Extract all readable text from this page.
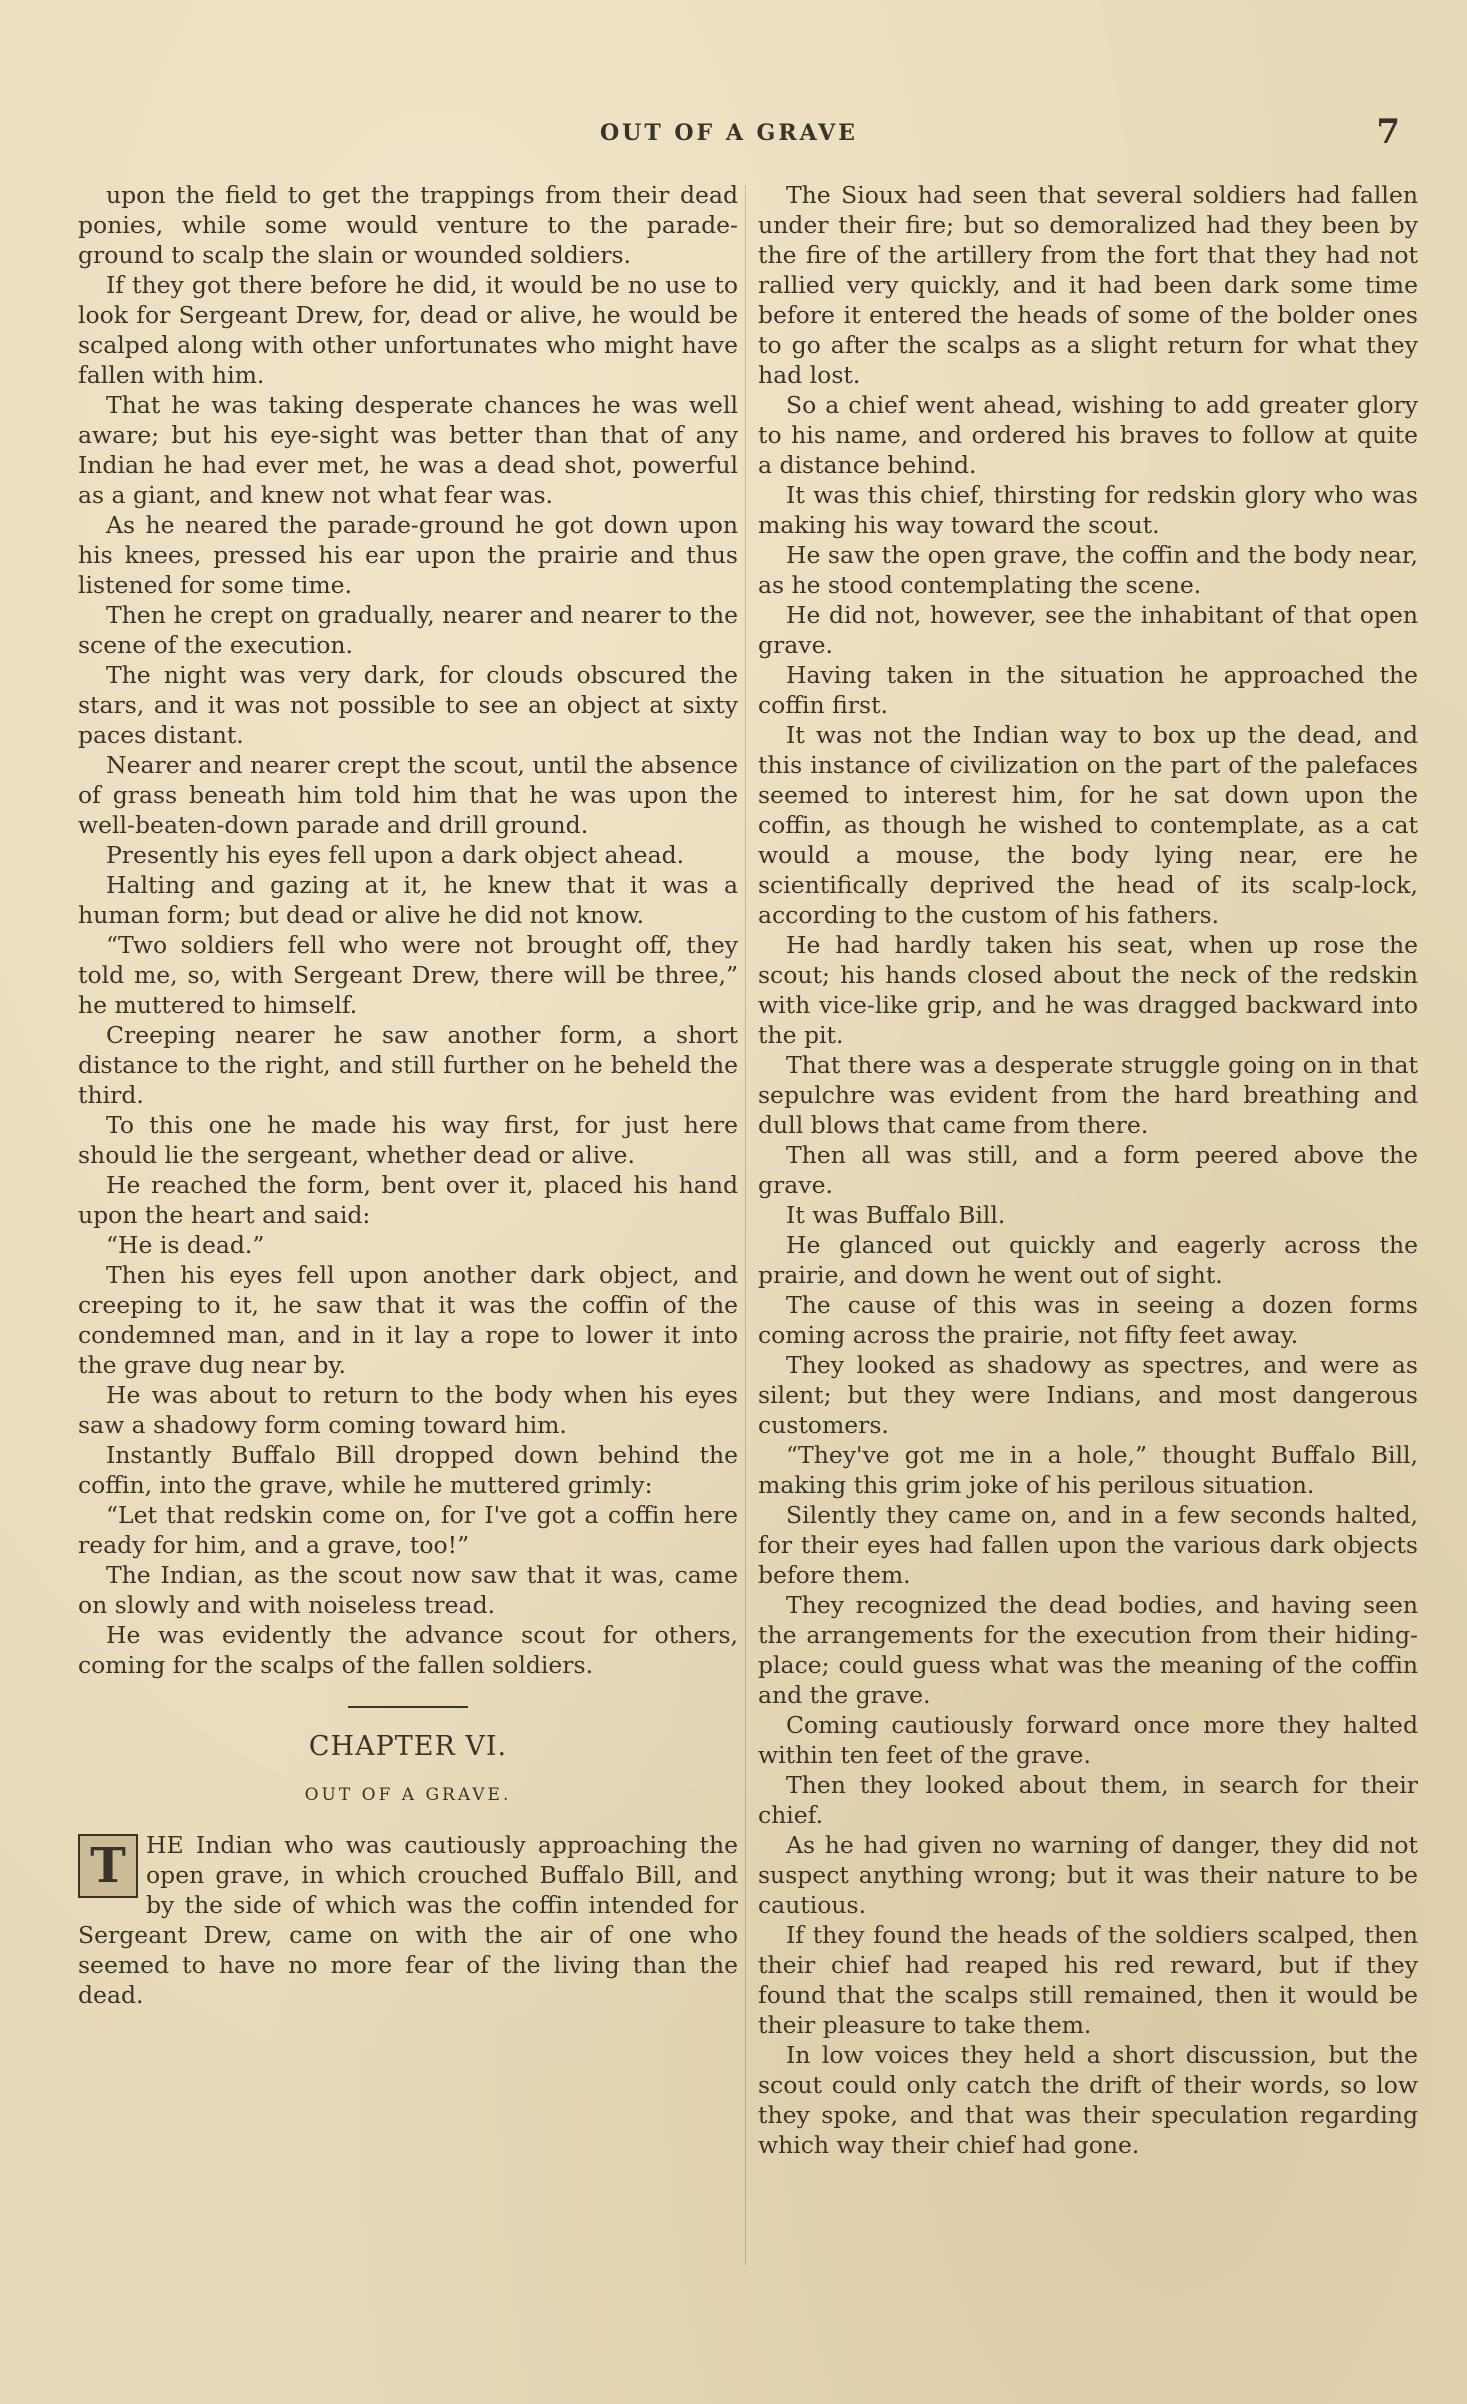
OUT OF A GRAVE	7

upon the field to get the trappings from their dead ponies, while some would venture to the parade-ground to scalp the slain or wounded soldiers.

If they got there before he did, it would be no use to look for Sergeant Drew, for, dead or alive, he would be scalped along with other unfortunates who might have fallen with him.

That he was taking desperate chances he was well aware; but his eye-sight was better than that of any Indian he had ever met, he was a dead shot, powerful as a giant, and knew not what fear was.

As he neared the parade-ground he got down upon his knees, pressed his ear upon the prairie and thus listened for some time.

Then he crept on gradually, nearer and nearer to the scene of the execution.

The night was very dark, for clouds obscured the stars, and it was not possible to see an object at sixty paces distant.

Nearer and nearer crept the scout, until the absence of grass beneath him told him that he was upon the well-beaten-down parade and drill ground.

Presently his eyes fell upon a dark object ahead.

Halting and gazing at it, he knew that it was a human form; but dead or alive he did not know.

“Two soldiers fell who were not brought off, they told me, so, with Sergeant Drew, there will be three,” he muttered to himself.

Creeping nearer he saw another form, a short distance to the right, and still further on he beheld the third.

To this one he made his way first, for just here should lie the sergeant, whether dead or alive.

He reached the form, bent over it, placed his hand upon the heart and said:

“He is dead.”

Then his eyes fell upon another dark object, and creeping to it, he saw that it was the coffin of the condemned man, and in it lay a rope to lower it into the grave dug near by.

He was about to return to the body when his eyes saw a shadowy form coming toward him.

Instantly Buffalo Bill dropped down behind the coffin, into the grave, while he muttered grimly:

“Let that redskin come on, for I've got a coffin here ready for him, and a grave, too!”

The Indian, as the scout now saw that it was, came on slowly and with noiseless tread.

He was evidently the advance scout for others, coming for the scalps of the fallen soldiers.

CHAPTER VI.
OUT OF A GRAVE.

T HE Indian who was cautiously approaching the open grave, in which crouched Buffalo Bill, and by the side of which was the coffin intended for Sergeant Drew, came on with the air of one who seemed to have no more fear of the living than the dead.

The Sioux had seen that several soldiers had fallen under their fire; but so demoralized had they been by the fire of the artillery from the fort that they had not rallied very quickly, and it had been dark some time before it entered the heads of some of the bolder ones to go after the scalps as a slight return for what they had lost.

So a chief went ahead, wishing to add greater glory to his name, and ordered his braves to follow at quite a distance behind.

It was this chief, thirsting for redskin glory who was making his way toward the scout.

He saw the open grave, the coffin and the body near, as he stood contemplating the scene.

He did not, however, see the inhabitant of that open grave.

Having taken in the situation he approached the coffin first.

It was not the Indian way to box up the dead, and this instance of civilization on the part of the palefaces seemed to interest him, for he sat down upon the coffin, as though he wished to contemplate, as a cat would a mouse, the body lying near, ere he scientifically deprived the head of its scalp-lock, according to the custom of his fathers.

He had hardly taken his seat, when up rose the scout; his hands closed about the neck of the redskin with vice-like grip, and he was dragged backward into the pit.

That there was a desperate struggle going on in that sepulchre was evident from the hard breathing and dull blows that came from there.

Then all was still, and a form peered above the grave.

It was Buffalo Bill.

He glanced out quickly and eagerly across the prairie, and down he went out of sight.

The cause of this was in seeing a dozen forms coming across the prairie, not fifty feet away.

They looked as shadowy as spectres, and were as silent; but they were Indians, and most dangerous customers.

“They've got me in a hole,” thought Buffalo Bill, making this grim joke of his perilous situation.

Silently they came on, and in a few seconds halted, for their eyes had fallen upon the various dark objects before them.

They recognized the dead bodies, and having seen the arrangements for the execution from their hiding-place; could guess what was the meaning of the coffin and the grave.

Coming cautiously forward once more they halted within ten feet of the grave.

Then they looked about them, in search for their chief.

As he had given no warning of danger, they did not suspect anything wrong; but it was their nature to be cautious.

If they found the heads of the soldiers scalped, then their chief had reaped his red reward, but if they found that the scalps still remained, then it would be their pleasure to take them.

In low voices they held a short discussion, but the scout could only catch the drift of their words, so low they spoke, and that was their speculation regarding which way their chief had gone.
